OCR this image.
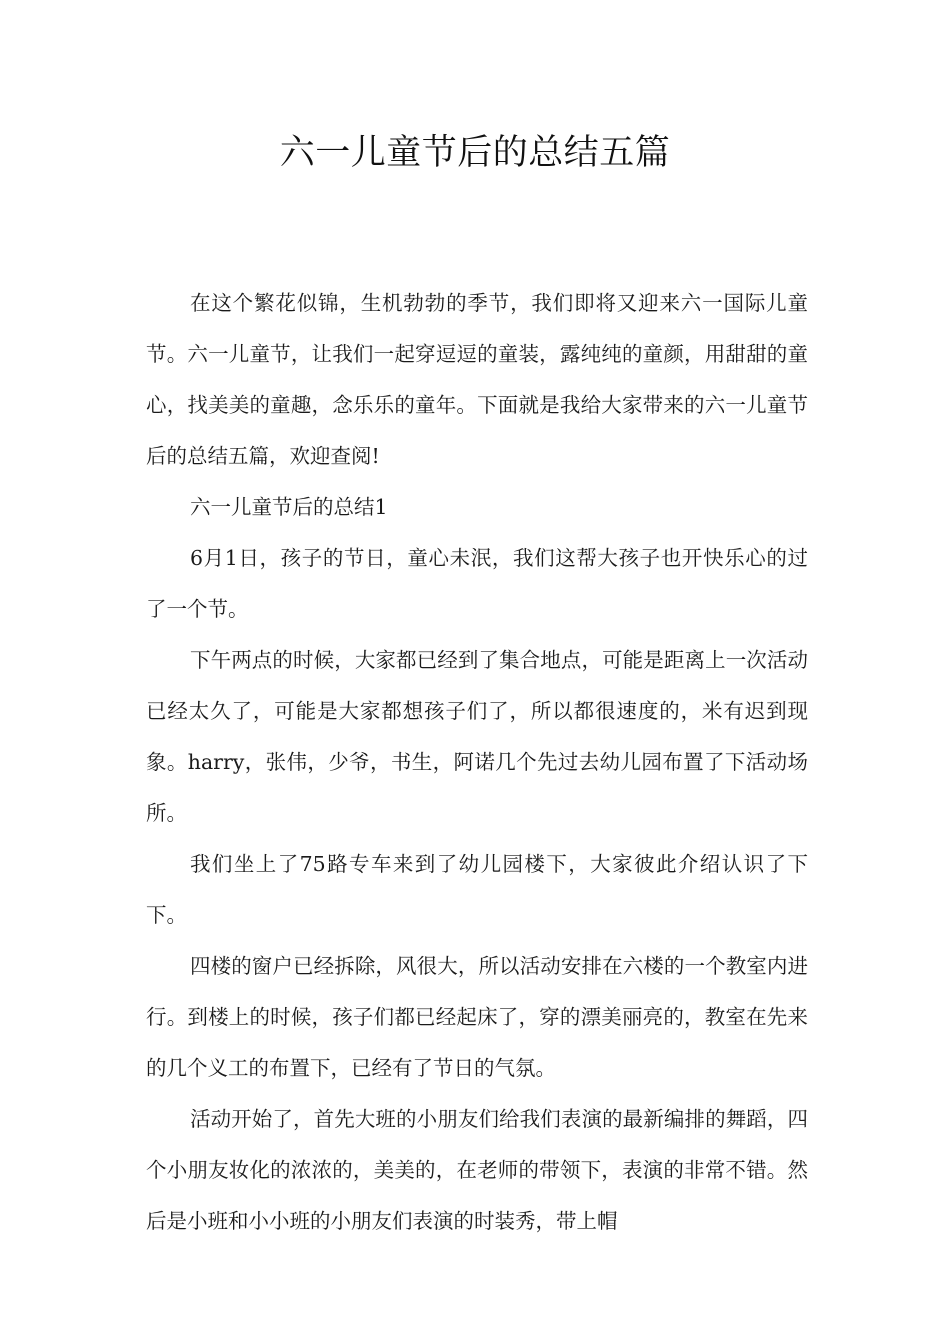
六一儿童节后的总结五篇

在这个繁花似锦，生机勃勃的季节，我们即将又迎来六一国际儿童节。六一儿童节，让我们一起穿逗逗的童装，露纯纯的童颜，用甜甜的童心，找美美的童趣，念乐乐的童年。下面就是我给大家带来的六一儿童节后的总结五篇，欢迎查阅!

六一儿童节后的总结1

6月1日，孩子的节日，童心未泯，我们这帮大孩子也开快乐心的过了一个节。

下午两点的时候，大家都已经到了集合地点，可能是距离上一次活动已经太久了，可能是大家都想孩子们了，所以都很速度的，米有迟到现象。harry，张伟，少爷，书生，阿诺几个先过去幼儿园布置了下活动场所。

我们坐上了75路专车来到了幼儿园楼下，大家彼此介绍认识了下下。

四楼的窗户已经拆除，风很大，所以活动安排在六楼的一个教室内进行。到楼上的时候，孩子们都已经起床了，穿的漂美丽亮的，教室在先来的几个义工的布置下，已经有了节日的气氛。

活动开始了，首先大班的小朋友们给我们表演的最新编排的舞蹈，四个小朋友妆化的浓浓的，美美的，在老师的带领下，表演的非常不错。然后是小班和小小班的小朋友们表演的时装秀，带上帽
